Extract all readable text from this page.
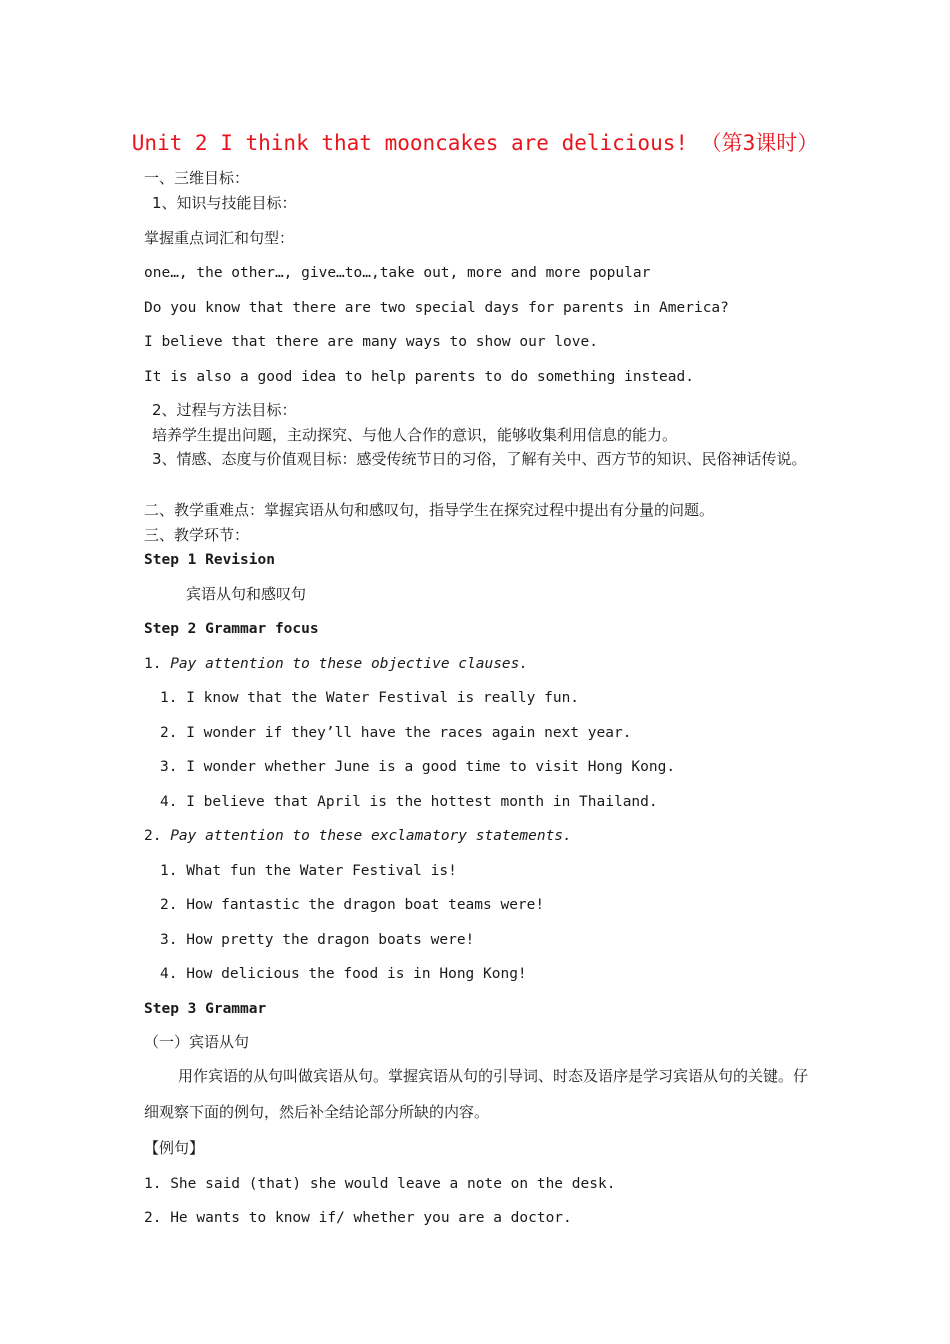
Unit 2 I think that mooncakes are delicious! （第3课时）
一、三维目标：
1、知识与技能目标：
掌握重点词汇和句型：
one…, the other…, give…to…,take out, more and more popular
Do you know that there are two special days for parents in America?
I believe that there are many ways to show our love.
It is also a good idea to help parents to do something instead.
2、过程与方法目标：
培养学生提出问题，主动探究、与他人合作的意识，能够收集利用信息的能力。
3、情感、态度与价值观目标：感受传统节日的习俗，了解有关中、西方节的知识、民俗神话传说。
二、教学重难点：掌握宾语从句和感叹句，指导学生在探究过程中提出有分量的问题。
三、教学环节：
Step 1 Revision
宾语从句和感叹句
Step 2 Grammar focus
1. Pay attention to these objective clauses.
1. I know that the Water Festival is really fun.
2. I wonder if they’ll have the races again next year.
3. I wonder whether June is a good time to visit Hong Kong.
4. I believe that April is the hottest month in Thailand.
2. Pay attention to these exclamatory statements.
1. What fun the Water Festival is!
2. How fantastic the dragon boat teams were!
3. How pretty the dragon boats were!
4. How delicious the food is in Hong Kong!
Step 3 Grammar
（一）宾语从句
用作宾语的从句叫做宾语从句。掌握宾语从句的引导词、时态及语序是学习宾语从句的关键。仔细观察下面的例句，然后补全结论部分所缺的内容。
【例句】
1. She said (that) she would leave a note on the desk.
2. He wants to know if/ whether you are a doctor.
